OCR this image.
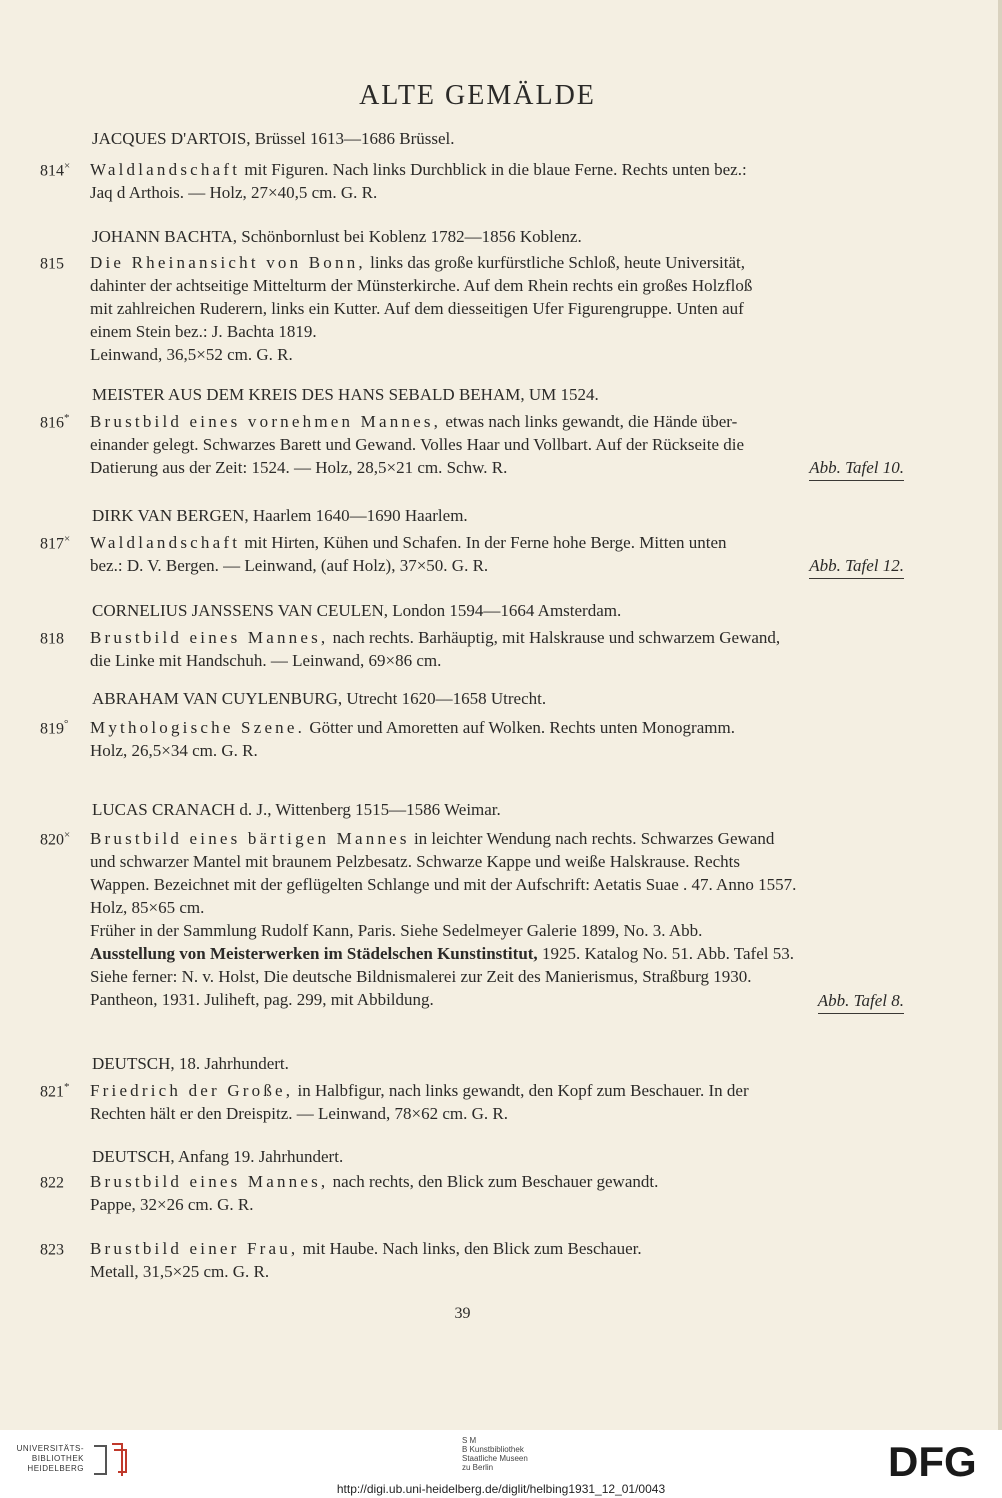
ALTE GEMÄLDE
JACQUES D'ARTOIS, Brüssel 1613—1686 Brüssel.
814× Waldlandschaft mit Figuren. Nach links Durchblick in die blaue Ferne. Rechts unten bez.:
Jaq d Arthois. — Holz, 27×40,5 cm. G. R.
JOHANN BACHTA, Schönbornlust bei Koblenz 1782—1856 Koblenz.
815 Die Rheinansicht von Bonn, links das große kurfürstliche Schloß, heute Universität,
dahinter der achtseitige Mittelturm der Münsterkirche. Auf dem Rhein rechts ein großes Holzfloß
mit zahlreichen Ruderern, links ein Kutter. Auf dem diesseitigen Ufer Figurengruppe. Unten auf
einem Stein bez.: J. Bachta 1819.
Leinwand, 36,5×52 cm. G. R.
MEISTER AUS DEM KREIS DES HANS SEBALD BEHAM, UM 1524.
816* Brustbild eines vornehmen Mannes, etwas nach links gewandt, die Hände über-
einander gelegt. Schwarzes Barett und Gewand. Volles Haar und Vollbart. Auf der Rückseite die
Datierung aus der Zeit: 1524. — Holz, 28,5×21 cm. Schw. R.	Abb. Tafel 10.
DIRK VAN BERGEN, Haarlem 1640—1690 Haarlem.
817× Waldlandschaft mit Hirten, Kühen und Schafen. In der Ferne hohe Berge. Mitten unten
bez.: D. V. Bergen. — Leinwand, (auf Holz), 37×50. G. R.	Abb. Tafel 12.
CORNELIUS JANSSENS VAN CEULEN, London 1594—1664 Amsterdam.
818 Brustbild eines Mannes, nach rechts. Barhäuptig, mit Halskrause und schwarzem Gewand,
die Linke mit Handschuh. — Leinwand, 69×86 cm.
ABRAHAM VAN CUYLENBURG, Utrecht 1620—1658 Utrecht.
819° Mythologische Szene. Götter und Amoretten auf Wolken. Rechts unten Monogramm.
Holz, 26,5×34 cm. G. R.
LUCAS CRANACH d. J., Wittenberg 1515—1586 Weimar.
820× Brustbild eines bärtigen Mannes in leichter Wendung nach rechts. Schwarzes Gewand
und schwarzer Mantel mit braunem Pelzbesatz. Schwarze Kappe und weiße Halskrause. Rechts
Wappen. Bezeichnet mit der geflügelten Schlange und mit der Aufschrift: Aetatis Suae . 47. Anno 1557.
Holz, 85×65 cm.
Früher in der Sammlung Rudolf Kann, Paris. Siehe Sedelmeyer Galerie 1899, No. 3. Abb.
Ausstellung von Meisterwerken im Städelschen Kunstinstitut, 1925. Katalog No. 51. Abb. Tafel 53.
Siehe ferner: N. v. Holst, Die deutsche Bildnismalerei zur Zeit des Manierismus, Straßburg 1930.
Pantheon, 1931. Juliheft, pag. 299, mit Abbildung.	Abb. Tafel 8.
DEUTSCH, 18. Jahrhundert.
821* Friedrich der Große, in Halbfigur, nach links gewandt, den Kopf zum Beschauer. In der
Rechten hält er den Dreispitz. — Leinwand, 78×62 cm. G. R.
DEUTSCH, Anfang 19. Jahrhundert.
822 Brustbild eines Mannes, nach rechts, den Blick zum Beschauer gewandt.
Pappe, 32×26 cm. G. R.
823 Brustbild einer Frau, mit Haube. Nach links, den Blick zum Beschauer.
Metall, 31,5×25 cm. G. R.
39
UNIVERSITÄTS-
BIBLIOTHEK
HEIDELBERG
S M
B Kunstbibliothek
Staatliche Museen
zu Berlin	DFG
http://digi.ub.uni-heidelberg.de/diglit/helbing1931_12_01/0043
